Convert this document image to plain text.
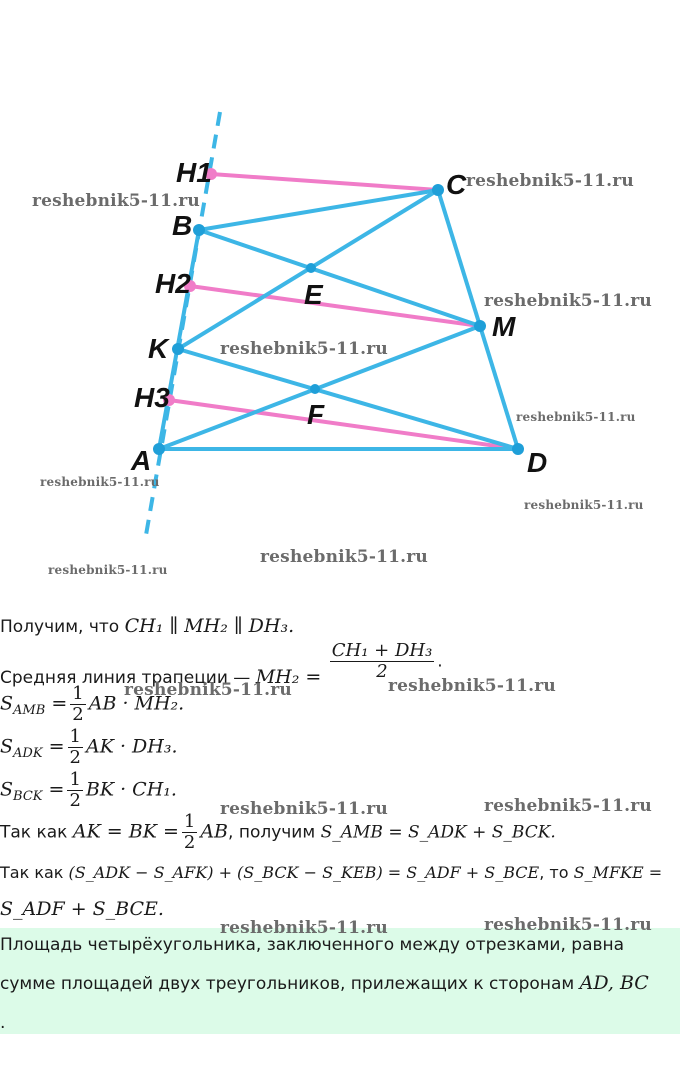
H1
B
H2
K
H3
A
C
E
M
F
D
reshebnik5-11.ru
reshebnik5-11.ru
reshebnik5-11.ru
reshebnik5-11.ru
reshebnik5-11.ru
reshebnik5-11.ru
reshebnik5-11.ru
reshebnik5-11.ru
reshebnik5-11.ru
Получим, что CH₁ ∥ MH₂ ∥ DH₃.
Средняя линия трапеции — $MH_2 = \frac{\text{CH₁ + DH₃}}{2}$ .
$S_{AMB} = \frac{1}{2}$ AB · MH₂.
$S_{ADK} = \frac{1}{2}$ AK · DH₃.
$S_{BCK} = \frac{1}{2}$ BK · CH₁.
Так как AK = BK = $\frac{1}{2}$ AB, получим S_AMB = S_ADK + S_BCK.
Так как (S_ADK − S_AFK) + (S_BCK − S_KEB) = S_ADF + S_BCE, то S_MFKE =
S_ADF + S_BCE.
Площадь четырёхугольника, заключенного между отрезками, равна
сумме площадей двух треугольников, прилежащих к сторонам AD, BC
.
reshebnik5-11.ru
reshebnik5-11.ru
reshebnik5-11.ru	reshebnik5-11.ru
reshebnik5-11.ru	reshebnik5-11.ru
